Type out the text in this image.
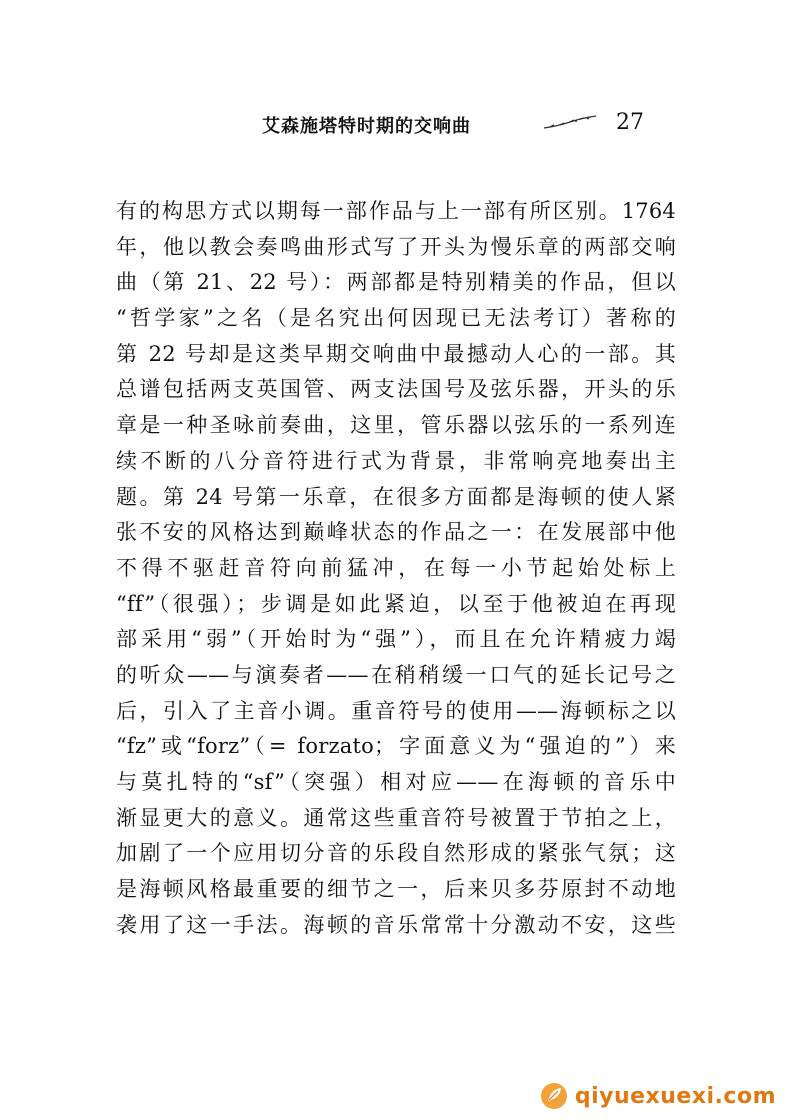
艾森施塔特时期的交响曲	27
有的构思方式以期每一部作品与上一部有所区别。1764
年，他以教会奏鸣曲形式写了开头为慢乐章的两部交响
曲（第 21、22 号）：两部都是特别精美的作品，但以
“哲学家”之名（是名究出何因现已无法考订）著称的
第 22 号却是这类早期交响曲中最撼动人心的一部。其
总谱包括两支英国管、两支法国号及弦乐器，开头的乐
章是一种圣咏前奏曲，这里，管乐器以弦乐的一系列连
续不断的八分音符进行式为背景，非常响亮地奏出主
题。第 24 号第一乐章，在很多方面都是海顿的使人紧
张不安的风格达到巅峰状态的作品之一：在发展部中他
不得不驱赶音符向前猛冲，在每一小节起始处标上
“ff”（很强）；步调是如此紧迫，以至于他被迫在再现
部采用“弱”（开始时为“强”），而且在允许精疲力竭
的听众——与演奏者——在稍稍缓一口气的延长记号之
后，引入了主音小调。重音符号的使用——海顿标之以
“fz”或“forz”（= forzato；字面意义为“强迫的”）来
与莫扎特的“sf”（突强）相对应——在海顿的音乐中
渐显更大的意义。通常这些重音符号被置于节拍之上，
加剧了一个应用切分音的乐段自然形成的紧张气氛；这
是海顿风格最重要的细节之一，后来贝多芬原封不动地
袭用了这一手法。海顿的音乐常常十分激动不安，这些
qiyuexuexi.com
